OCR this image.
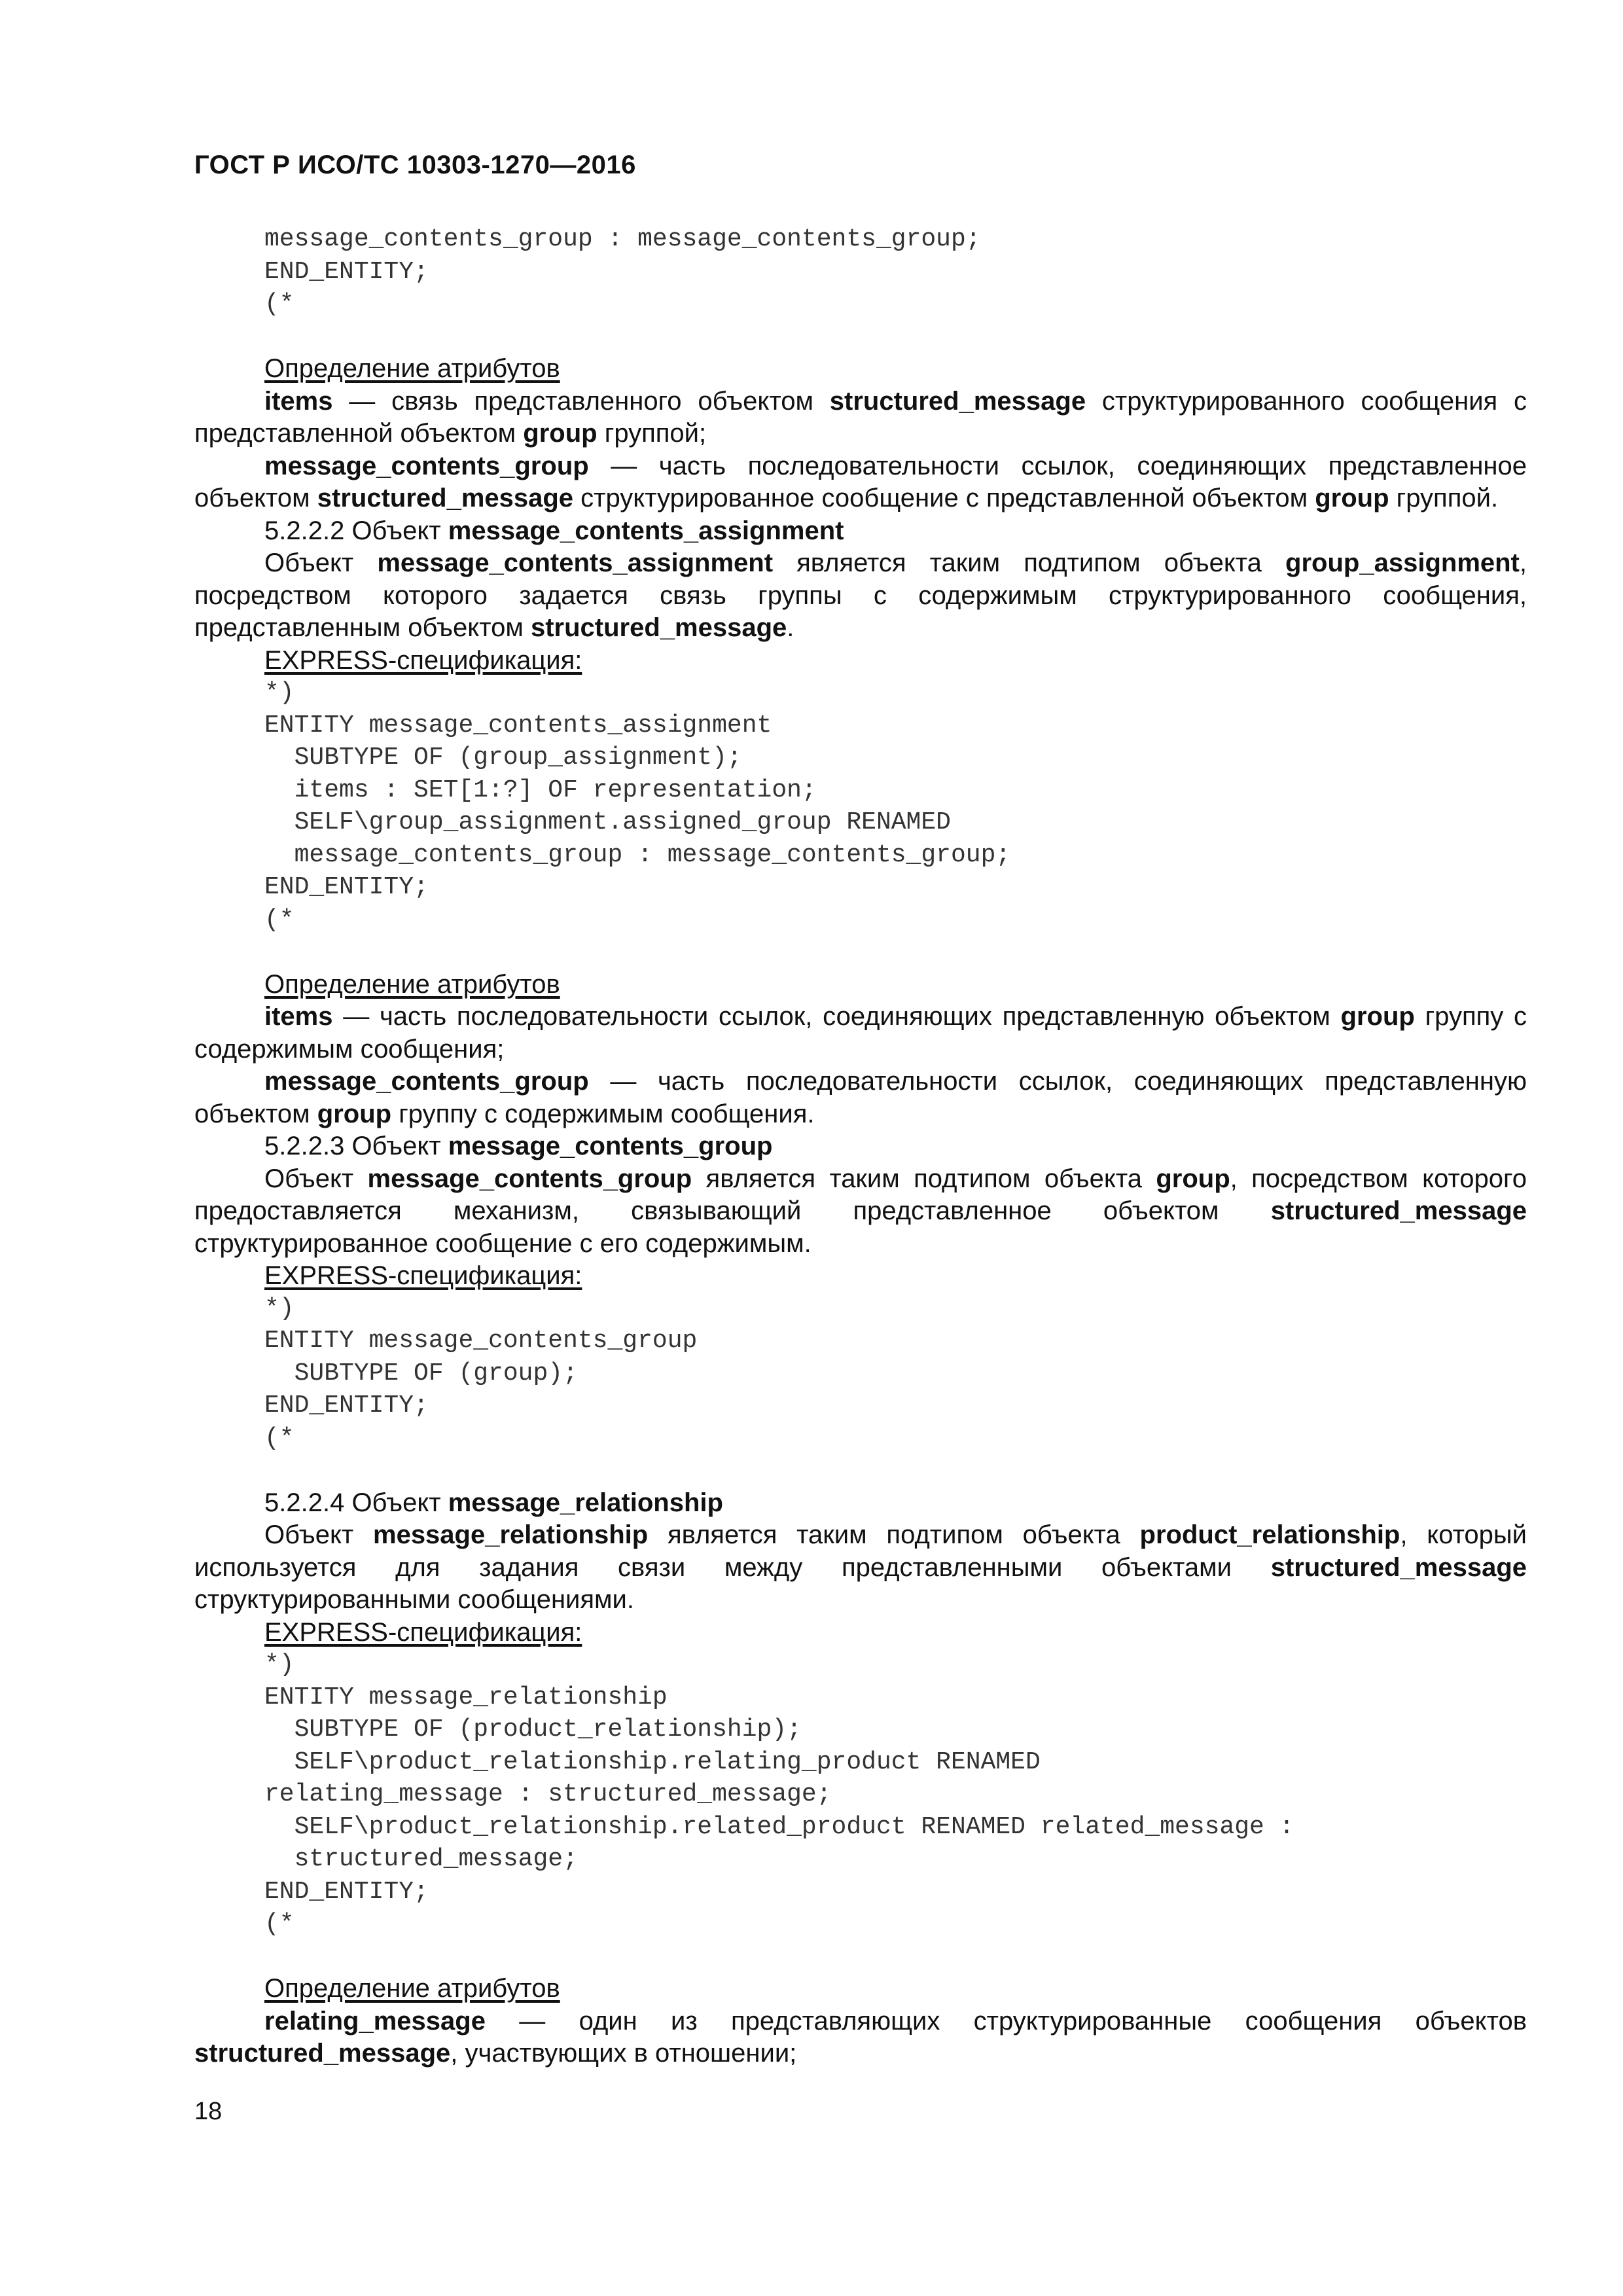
ГОСТ Р ИСО/ТС 10303-1270—2016
message_contents_group : message_contents_group;
END_ENTITY;
(*

Определение атрибутов

items — связь представленного объектом structured_message структурированного сообщения с представленной объектом group группой;

message_contents_group — часть последовательности ссылок, соединяющих представленное объектом structured_message структурированное сообщение с представленной объектом group группой.

5.2.2.2 Объект message_contents_assignment

Объект message_contents_assignment является таким подтипом объекта group_assignment, посредством которого задается связь группы с содержимым структурированного сообщения, представленным объектом structured_message.

EXPRESS-спецификация:

*)
ENTITY message_contents_assignment
SUBTYPE OF (group_assignment);
items : SET[1:?] OF representation;
SELF\group_assignment.assigned_group RENAMED
message_contents_group : message_contents_group;
END_ENTITY;
(*

Определение атрибутов

items — часть последовательности ссылок, соединяющих представленную объектом group группу с содержимым сообщения;

message_contents_group — часть последовательности ссылок, соединяющих представленную объектом group группу с содержимым сообщения.

5.2.2.3 Объект message_contents_group

Объект message_contents_group является таким подтипом объекта group, посредством которого предоставляется механизм, связывающий представленное объектом structured_message структурированное сообщение с его содержимым.

EXPRESS-спецификация:

*)
ENTITY message_contents_group
SUBTYPE OF (group);
END_ENTITY;
(*

5.2.2.4 Объект message_relationship

Объект message_relationship является таким подтипом объекта product_relationship, который используется для задания связи между представленными объектами structured_message структурированными сообщениями.

EXPRESS-спецификация:

*)
ENTITY message_relationship
SUBTYPE OF (product_relationship);
SELF\product_relationship.relating_product RENAMED
relating_message : structured_message;
SELF\product_relationship.related_product RENAMED related_message :
structured_message;
END_ENTITY;
(*

Определение атрибутов

relating_message — один из представляющих структурированные сообщения объектов structured_message, участвующих в отношении;

18
